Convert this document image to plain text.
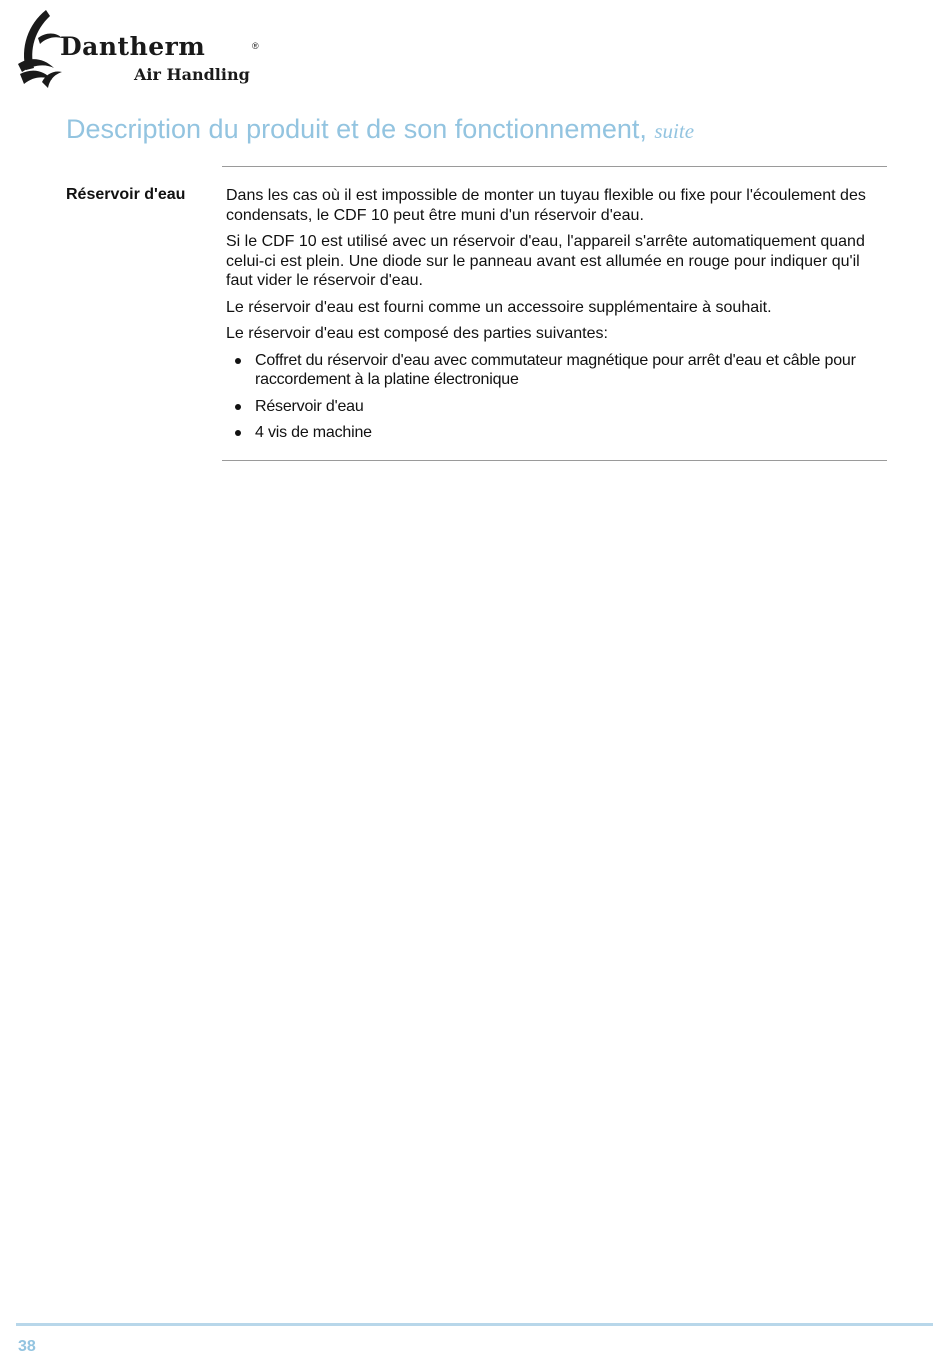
Dantherm	®
Air Handling
Description du produit et de son fonctionnement, suite
Réservoir d'eau	Dans les cas où il est impossible de monter un tuyau flexible ou fixe pour l'écoulement des condensats, le CDF 10 peut être muni d'un réservoir d'eau.

Si le CDF 10 est utilisé avec un réservoir d'eau, l'appareil s'arrête automatiquement quand celui-ci est plein. Une diode sur le panneau avant est allumée en rouge pour indiquer qu'il faut vider le réservoir d'eau.

Le réservoir d'eau est fourni comme un accessoire supplémentaire à souhait.

Le réservoir d'eau est composé des parties suivantes:

Coffret du réservoir d'eau avec commutateur magnétique pour arrêt d'eau et câble pour raccordement à la platine électronique
Réservoir d'eau
4 vis de machine
38
